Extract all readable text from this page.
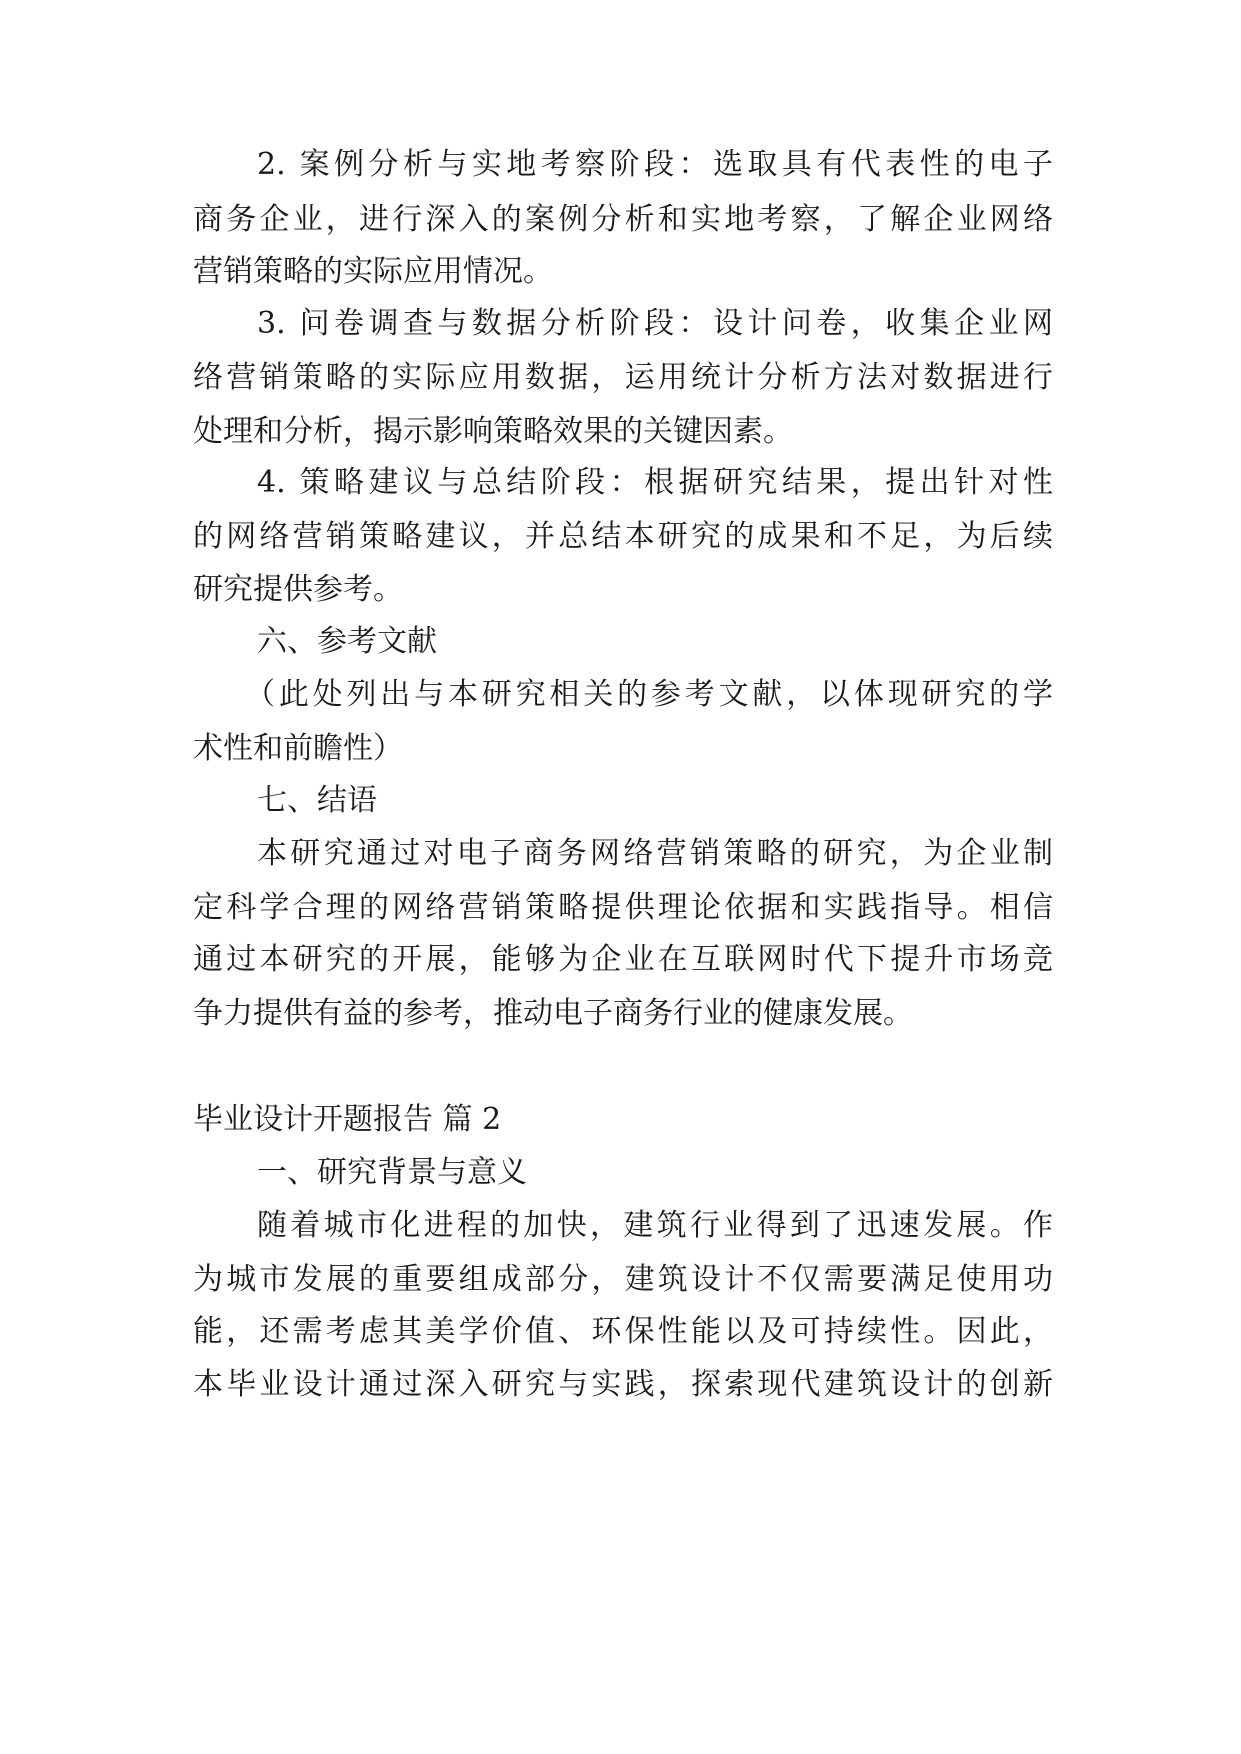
2. 案例分析与实地考察阶段：选取具有代表性的电子
商务企业，进行深入的案例分析和实地考察，了解企业网络
营销策略的实际应用情况。
3. 问卷调查与数据分析阶段：设计问卷，收集企业网
络营销策略的实际应用数据，运用统计分析方法对数据进行
处理和分析，揭示影响策略效果的关键因素。
4. 策略建议与总结阶段：根据研究结果，提出针对性
的网络营销策略建议，并总结本研究的成果和不足，为后续
研究提供参考。
六、参考文献
（此处列出与本研究相关的参考文献，以体现研究的学
术性和前瞻性）
七、结语
本研究通过对电子商务网络营销策略的研究，为企业制
定科学合理的网络营销策略提供理论依据和实践指导。相信
通过本研究的开展，能够为企业在互联网时代下提升市场竞
争力提供有益的参考，推动电子商务行业的健康发展。
毕业设计开题报告 篇 2
一、研究背景与意义
随着城市化进程的加快，建筑行业得到了迅速发展。作
为城市发展的重要组成部分，建筑设计不仅需要满足使用功
能，还需考虑其美学价值、环保性能以及可持续性。因此，
本毕业设计通过深入研究与实践，探索现代建筑设计的创新
